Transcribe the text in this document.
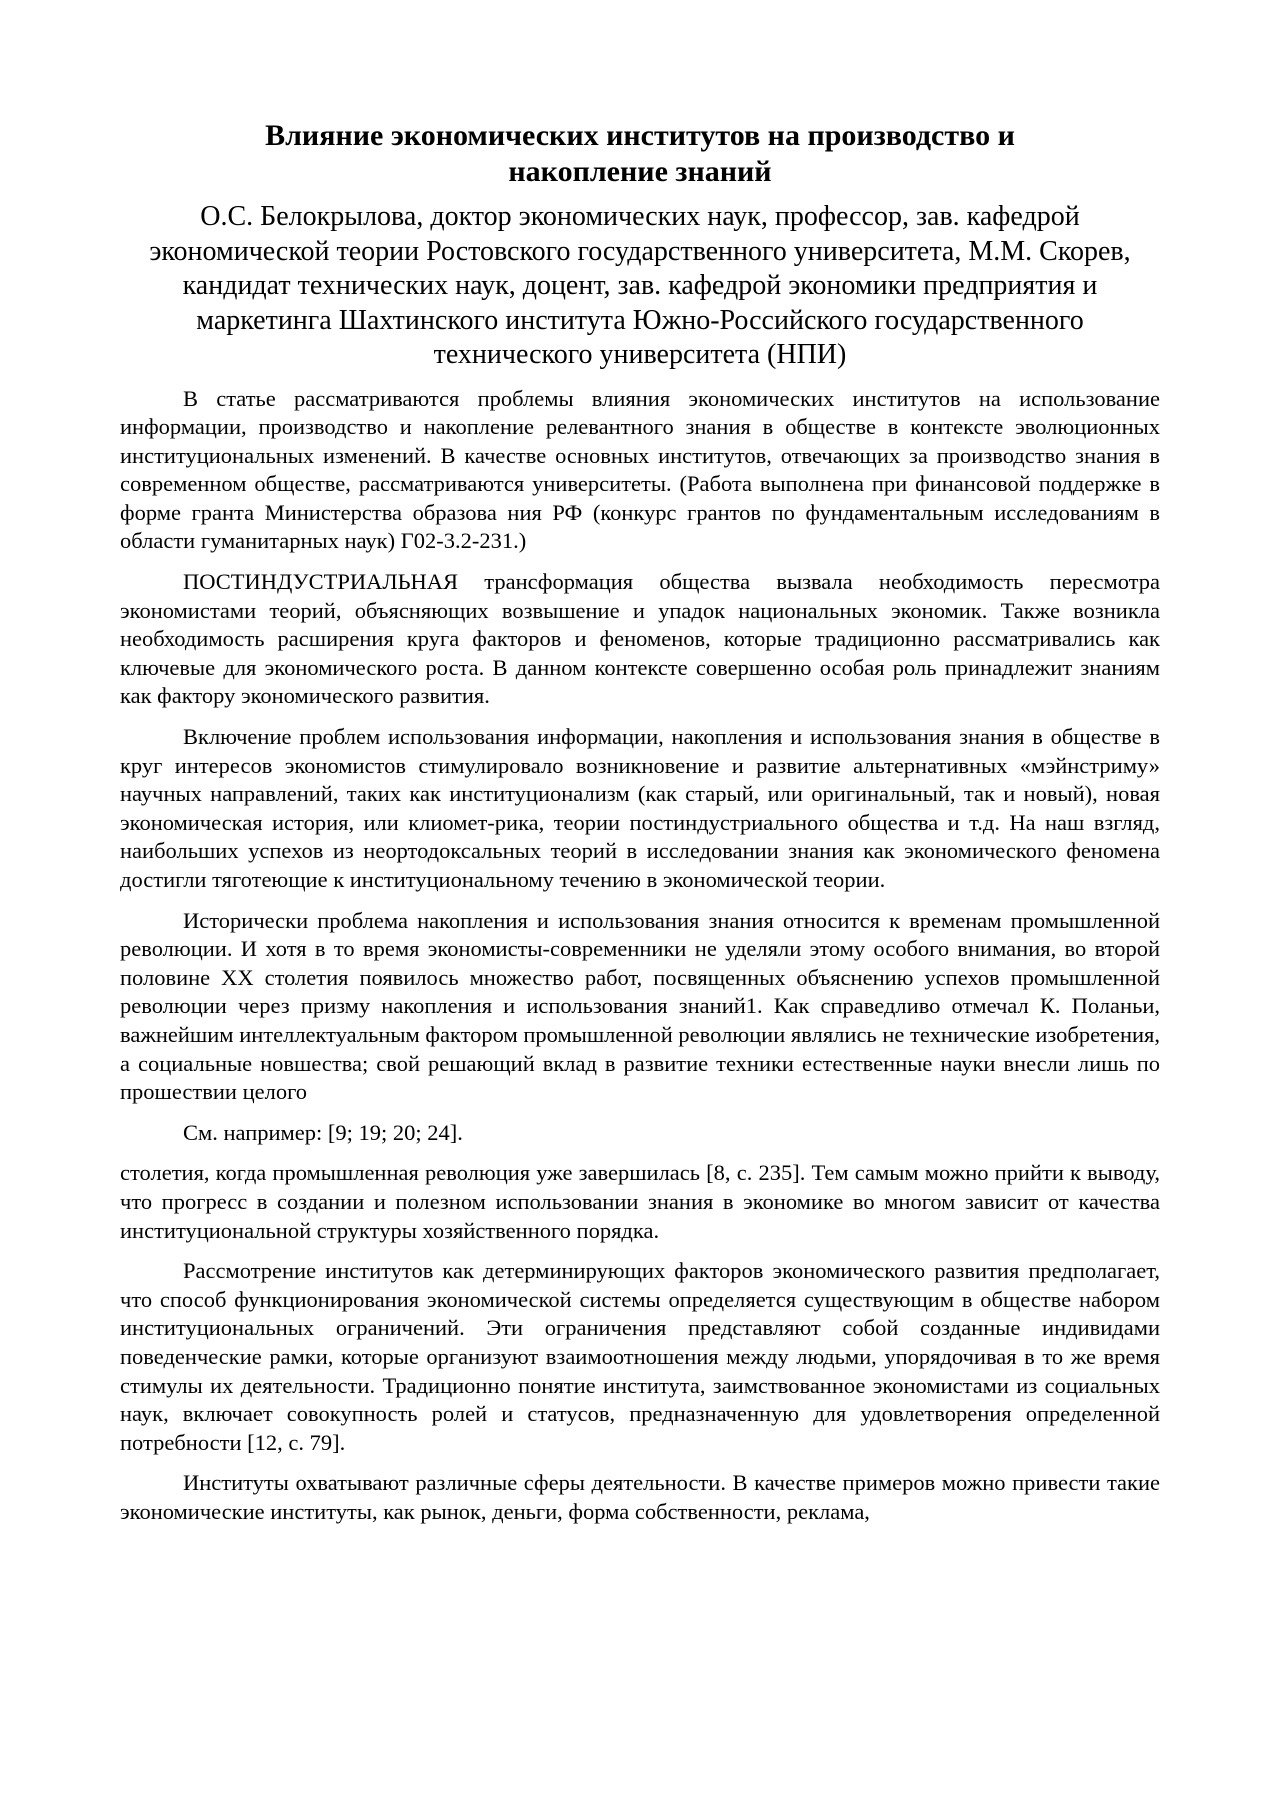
Влияние экономических институтов на производство и
накопление знаний

О.С. Белокрылова, доктор экономических наук, профессор, зав. кафедрой экономической теории Ростовского государственного университета, М.М. Скорев, кандидат технических наук, доцент, зав. кафедрой экономики предприятия и маркетинга Шахтинского института Южно-Российского государственного технического университета (НПИ)

В статье рассматриваются проблемы влияния экономических институтов на использование информации, производство и накопление релевантного знания в обществе в контексте эволюционных институциональных изменений. В качестве основных институтов, отвечающих за производство знания в современном обществе, рассматриваются университеты. (Работа выполнена при финансовой поддержке в форме гранта Министерства образова ния РФ (конкурс грантов по фундаментальным исследованиям в области гуманитарных наук) Г02-3.2-231.)

ПОСТИНДУСТРИАЛЬНАЯ трансформация общества вызвала необходимость пересмотра экономистами теорий, объясняющих возвышение и упадок национальных экономик. Также возникла необходимость расширения круга факторов и феноменов, которые традиционно рассматривались как ключевые для экономического роста. В данном контексте совершенно особая роль принадлежит знаниям как фактору экономического развития.

Включение проблем использования информации, накопления и использования знания в обществе в круг интересов экономистов стимулировало возникновение и развитие альтернативных «мэйнстриму» научных направлений, таких как институционализм (как старый, или оригинальный, так и новый), новая экономическая история, или клиомет-рика, теории постиндустриального общества и т.д. На наш взгляд, наибольших успехов из неортодоксальных теорий в исследовании знания как экономического феномена достигли тяготеющие к институциональному течению в экономической теории.

Исторически проблема накопления и использования знания относится к временам промышленной революции. И хотя в то время экономисты-современники не уделяли этому особого внимания, во второй половине XX столетия появилось множество работ, посвященных объяснению успехов промышленной революции через призму накопления и использования знаний1. Как справедливо отмечал К. Поланьи, важнейшим интеллектуальным фактором промышленной революции являлись не технические изобретения, а социальные новшества; свой решающий вклад в развитие техники естественные науки внесли лишь по прошествии целого

См. например: [9; 19; 20; 24].

столетия, когда промышленная революция уже завершилась [8, с. 235]. Тем самым можно прийти к выводу, что прогресс в создании и полезном использовании знания в экономике во многом зависит от качества институциональной структуры хозяйственного порядка.

Рассмотрение институтов как детерминирующих факторов экономического развития предполагает, что способ функционирования экономической системы определяется существующим в обществе набором институциональных ограничений. Эти ограничения представляют собой созданные индивидами поведенческие рамки, которые организуют взаимоотношения между людьми, упорядочивая в то же время стимулы их деятельности. Традиционно понятие института, заимствованное экономистами из социальных наук, включает совокупность ролей и статусов, предназначенную для удовлетворения определенной потребности [12, с. 79].

Институты охватывают различные сферы деятельности. В качестве примеров можно привести такие экономические институты, как рынок, деньги, форма собственности, реклама,
